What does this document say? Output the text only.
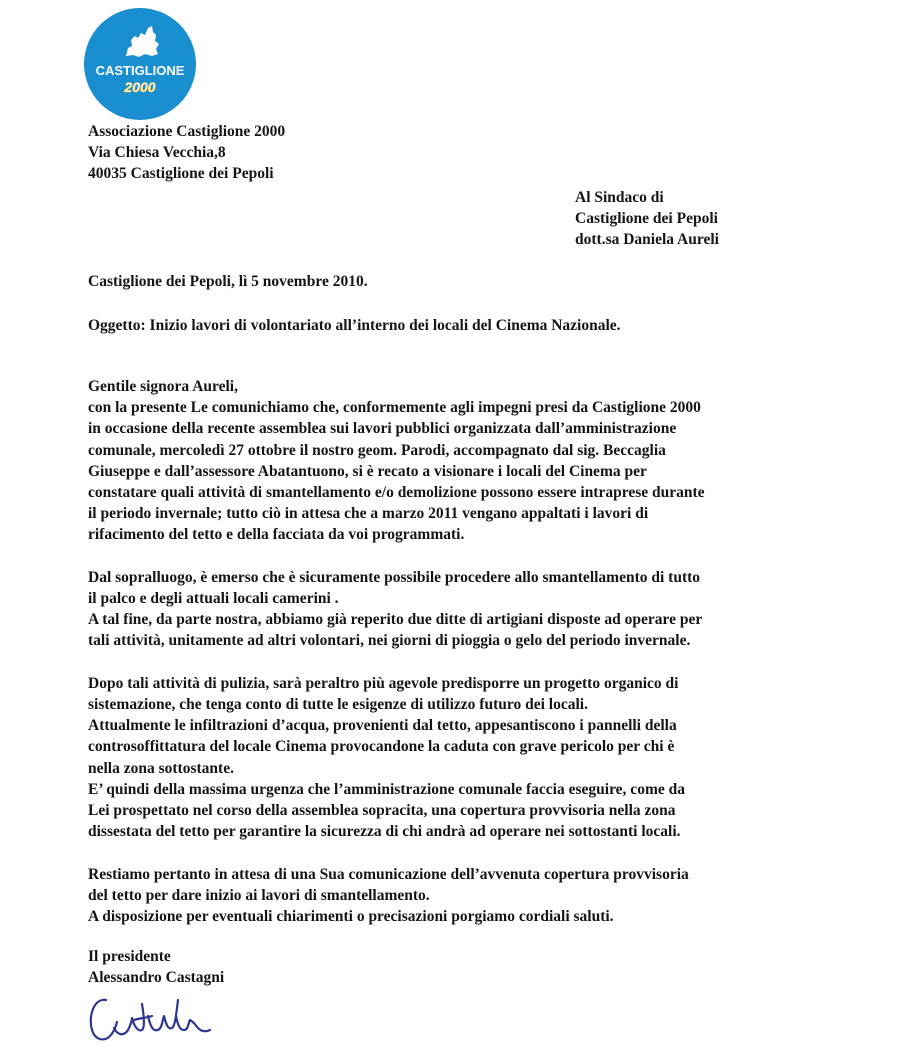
CASTIGLIONE
2000
Associazione Castiglione 2000
Via Chiesa Vecchia,8
40035 Castiglione dei Pepoli
Al Sindaco di
Castiglione dei Pepoli
dott.sa Daniela Aureli
Castiglione dei Pepoli, lì 5 novembre 2010.
Oggetto: Inizio lavori di volontariato all’interno dei locali del Cinema Nazionale.
Gentile signora Aureli,
con la presente Le comunichiamo che, conformemente agli impegni presi da Castiglione 2000
in occasione della recente assemblea sui lavori pubblici organizzata dall’amministrazione
comunale, mercoledì 27 ottobre il nostro geom. Parodi, accompagnato dal sig. Beccaglia
Giuseppe e dall’assessore Abatantuono, si è recato a visionare i locali del Cinema per
constatare quali attività di smantellamento e/o demolizione possono essere intraprese durante
il periodo invernale; tutto ciò in attesa che a marzo 2011 vengano appaltati i lavori di
rifacimento del tetto e della facciata da voi programmati.
Dal sopralluogo, è emerso che è sicuramente possibile procedere allo smantellamento di tutto
il palco e degli attuali locali camerini .
A tal fine, da parte nostra, abbiamo già reperito due ditte di artigiani disposte ad operare per
tali attività, unitamente ad altri volontari, nei giorni di pioggia o gelo del periodo invernale.
Dopo tali attività di pulizia, sarà peraltro più agevole predisporre un progetto organico di
sistemazione, che tenga conto di tutte le esigenze di utilizzo futuro dei locali.
Attualmente le infiltrazioni d’acqua, provenienti dal tetto, appesantiscono i pannelli della
controsoffittatura del locale Cinema provocandone la caduta con grave pericolo per chi è
nella zona sottostante.
E’ quindi della massima urgenza che l’amministrazione comunale faccia eseguire, come da
Lei prospettato nel corso della assemblea sopracita, una copertura provvisoria nella zona
dissestata del tetto per garantire la sicurezza di chi andrà ad operare nei sottostanti locali.
Restiamo pertanto in attesa di una Sua comunicazione dell’avvenuta copertura provvisoria
del tetto per dare inizio ai lavori di smantellamento.
A disposizione per eventuali chiarimenti o precisazioni porgiamo cordiali saluti.
Il presidente
Alessandro Castagni
